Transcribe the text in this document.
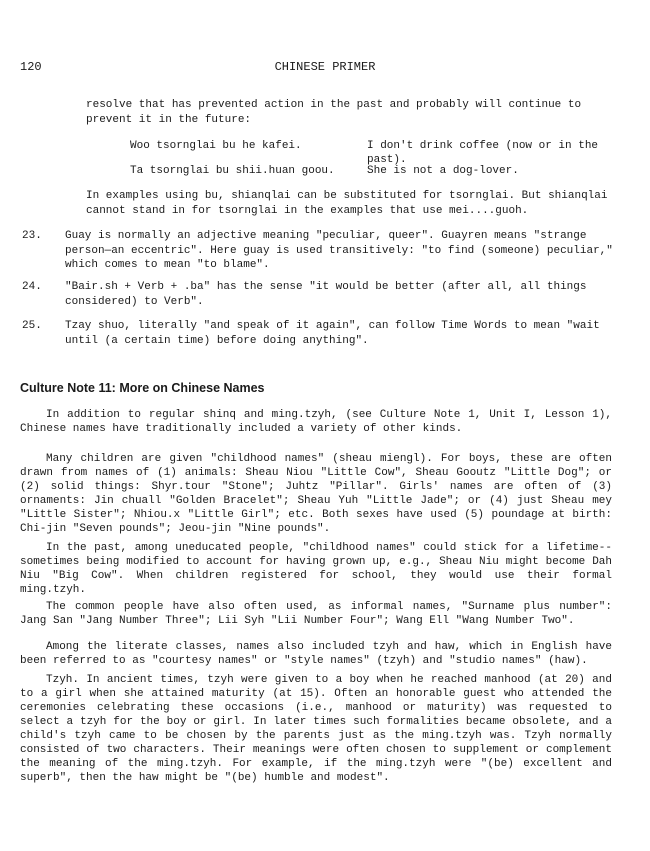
120	CHINESE PRIMER
resolve that has prevented action in the past and probably will continue to prevent it in the future:
Woo tsornglai bu he kafei.	I don't drink coffee (now or in the past).
Ta tsornglai bu shii.huan goou.	She is not a dog-lover.
In examples using bu, shianqlai can be substituted for tsornglai. But shianqlai cannot stand in for tsornglai in the examples that use mei....guoh.
23. Guay is normally an adjective meaning "peculiar, queer". Guayren means "strange person—an eccentric". Here guay is used transitively: "to find (someone) peculiar," which comes to mean "to blame".
24. "Bair.sh + Verb + .ba" has the sense "it would be better (after all, all things considered) to Verb".
25. Tzay shuo, literally "and speak of it again", can follow Time Words to mean "wait until (a certain time) before doing anything".
Culture Note 11: More on Chinese Names
In addition to regular shinq and ming.tzyh, (see Culture Note 1, Unit I, Lesson 1), Chinese names have traditionally included a variety of other kinds.
Many children are given "childhood names" (sheau miengl). For boys, these are often drawn from names of (1) animals: Sheau Niou "Little Cow", Sheau Gooutz "Little Dog"; or (2) solid things: Shyr.tour "Stone"; Juhtz "Pillar". Girls' names are often of (3) ornaments: Jin chuall "Golden Bracelet"; Sheau Yuh "Little Jade"; or (4) just Sheau mey "Little Sister"; Nhiou.x "Little Girl"; etc. Both sexes have used (5) poundage at birth: Chi-jin "Seven pounds"; Jeou-jin "Nine pounds".
In the past, among uneducated people, "childhood names" could stick for a lifetime--sometimes being modified to account for having grown up, e.g., Sheau Niu might become Dah Niu "Big Cow". When children registered for school, they would use their formal ming.tzyh.
The common people have also often used, as informal names, "Surname plus number": Jang San "Jang Number Three"; Lii Syh "Lii Number Four"; Wang Ell "Wang Number Two".
Among the literate classes, names also included tzyh and haw, which in English have been referred to as "courtesy names" or "style names" (tzyh) and "studio names" (haw).
Tzyh. In ancient times, tzyh were given to a boy when he reached manhood (at 20) and to a girl when she attained maturity (at 15). Often an honorable guest who attended the ceremonies celebrating these occasions (i.e., manhood or maturity) was requested to select a tzyh for the boy or girl. In later times such formalities became obsolete, and a child's tzyh came to be chosen by the parents just as the ming.tzyh was. Tzyh normally consisted of two characters. Their meanings were often chosen to supplement or complement the meaning of the ming.tzyh. For example, if the ming.tzyh were "(be) excellent and superb", then the haw might be "(be) humble and modest".
